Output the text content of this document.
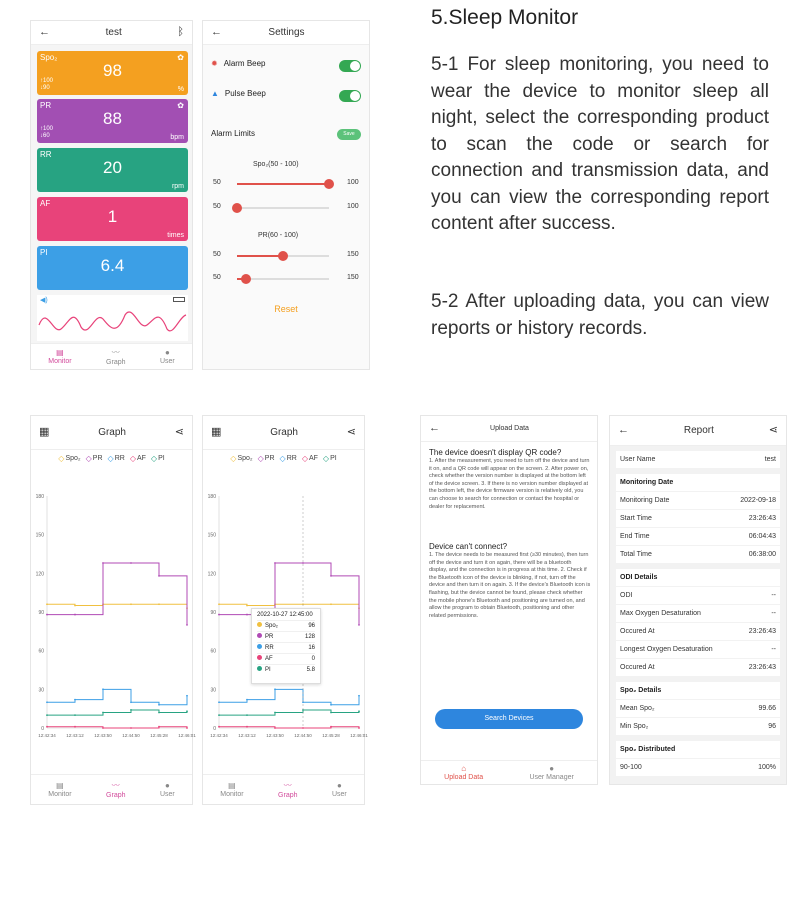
←	test	ᛒ
Spo₂	✿
98
↑100
↓90	%
PR	✿
88
↑100
↓60	bpm
RR
20
rpm
AF
1
times
PI
6.4
◀)
▤
Monitor
〰
Graph
●
User
←	Settings
✹ Alarm Beep
▲ Pulse Beep
Alarm Limits	Save
Spo₂(50 - 100)
50	100
50	100
PR(60 - 100)
50	150
50	150
Reset
5.Sleep Monitor
5-1 For sleep monitoring, you need to wear the device to monitor sleep all night, select the corresponding product to scan the code or search for connection and transmission data, and you can view the corresponding report content after success.
5-2 After uploading data, you can view reports or history records.
▦	Graph	⋖
◇ Spo₂ ◇ PR ◇ RR ◇ AF ◇ PI
180
150
120
90
60
30
0
12:42:34 12:43:12 12:43:50 12:44:50 12:45:28 12:46:01
▤
Monitor
〰
Graph
●
User
▦	Graph	⋖
◇ Spo₂ ◇ PR ◇ RR ◇ AF ◇ PI
180
150
120
90
60
30
0
12:42:34 12:43:12 12:43:50 12:44:50 12:45:28 12:46:01
2022-10-27 12:45:00
Spo₂	96
PR	128
RR	16
AF	0
PI	5.8
▤
Monitor
〰
Graph
●
User
←	Upload Data
The device doesn't display QR code?
1. After the measurement, you need to turn off the device and turn it on, and a QR code will appear on the screen. 2. After power on, check whether the version number is displayed at the bottom left of the device screen. 3. If there is no version number displayed at the bottom left, the device firmware version is relatively old, you can choose to search for connection or contact the hospital or dealer for replacement.
Device can't connect?
1. The device needs to be measured first (≥30 minutes), then turn off the device and turn it on again, there will be a bluetooth display, and the connection is in progress at this time. 2. Check if the Bluetooth icon of the device is blinking, if not, turn off the device and then turn it on again. 3. If the device's Bluetooth icon is flashing, but the device cannot be found, please check whether the mobile phone's Bluetooth and positioning are turned on, and allow the program to obtain Bluetooth, positioning and other related permissions.
Search Devices
⌂
Upload Data
●
User Manager
←	Report	⋖
User Name	test
Monitoring Date
Monitoring Date	2022-09-18
Start Time	23:26:43
End Time	06:04:43
Total Time	06:38:00
ODI Details
ODI	--
Max Oxygen Desaturation	--
Occured At	23:26:43
Longest Oxygen Desaturation	--
Occured At	23:26:43
Spo₂ Details
Mean Spo₂	99.66
Min Spo₂	96
Spo₂ Distributed
90-100	100%
